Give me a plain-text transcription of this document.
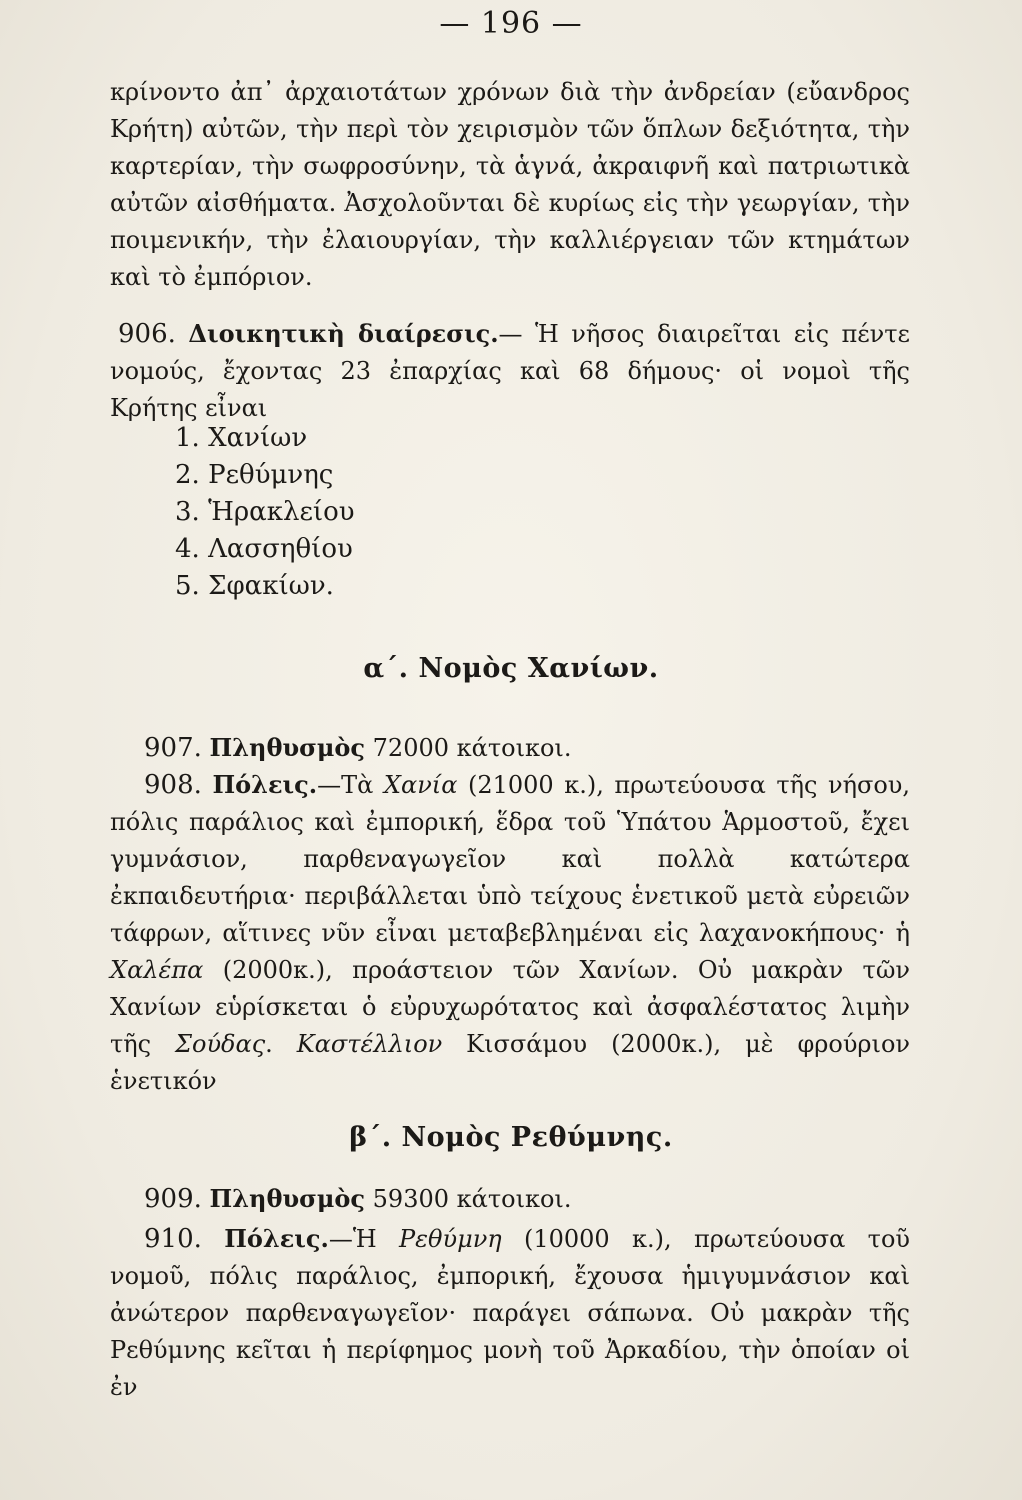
— 196 —
κρίνοντο ἀπ᾽ ἀρχαιοτάτων χρόνων διὰ τὴν ἀνδρείαν (εὔανδρος Κρήτη) αὐτῶν, τὴν περὶ τὸν χειρισμὸν τῶν ὅπλων δεξιότητα, τὴν καρτερίαν, τὴν σωφροσύνην, τὰ ἁγνά, ἀκραιφνῆ καὶ πατριωτικὰ αὐτῶν αἰσθήματα. Ἀσχολοῦνται δὲ κυρίως εἰς τὴν γεωργίαν, τὴν ποιμενικήν, τὴν ἐλαιουργίαν, τὴν καλλιέργειαν τῶν κτημάτων καὶ τὸ ἐμπόριον.
906. Διοικητικὴ διαίρεσις.— Ἡ νῆσος διαιρεῖται εἰς πέντε νομούς, ἔχοντας 23 ἐπαρχίας καὶ 68 δήμους· οἱ νομοὶ τῆς Κρήτης εἶναι
1. Χανίων
2. Ρεθύμνης
3. Ἡρακλείου
4. Λασσηθίου
5. Σφακίων.
α΄. Νομὸς Χανίων.
907. Πληθυσμὸς 72000 κάτοικοι.
908. Πόλεις.—Τὰ Χανία (21000 κ.), πρωτεύουσα τῆς νήσου, πόλις παράλιος καὶ ἐμπορική, ἕδρα τοῦ Ὑπάτου Ἁρμοστοῦ, ἔχει γυμνάσιον, παρθεναγωγεῖον καὶ πολλὰ κατώτερα ἐκπαιδευτήρια· περιβάλλεται ὑπὸ τείχους ἑνετικοῦ μετὰ εὐρειῶν τάφρων, αἵτινες νῦν εἶναι μεταβεβλημέναι εἰς λαχανοκήπους· ἡ Χαλέπα (2000κ.), προάστειον τῶν Χανίων. Οὐ μακρὰν τῶν Χανίων εὑρίσκεται ὁ εὐρυχωρότατος καὶ ἀσφαλέστατος λιμὴν τῆς Σούδας. Καστέλλιον Κισσάμου (2000κ.), μὲ φρούριον ἑνετικόν
β΄. Νομὸς Ρεθύμνης.
909. Πληθυσμὸς 59300 κάτοικοι.
910. Πόλεις.—Ἡ Ρεθύμνη (10000 κ.), πρωτεύουσα τοῦ νομοῦ, πόλις παράλιος, ἐμπορική, ἔχουσα ἡμιγυμνάσιον καὶ ἀνώτερον παρθεναγωγεῖον· παράγει σάπωνα. Οὐ μακρὰν τῆς Ρεθύμνης κεῖται ἡ περίφημος μονὴ τοῦ Ἀρκαδίου, τὴν ὁποίαν οἱ ἐν
